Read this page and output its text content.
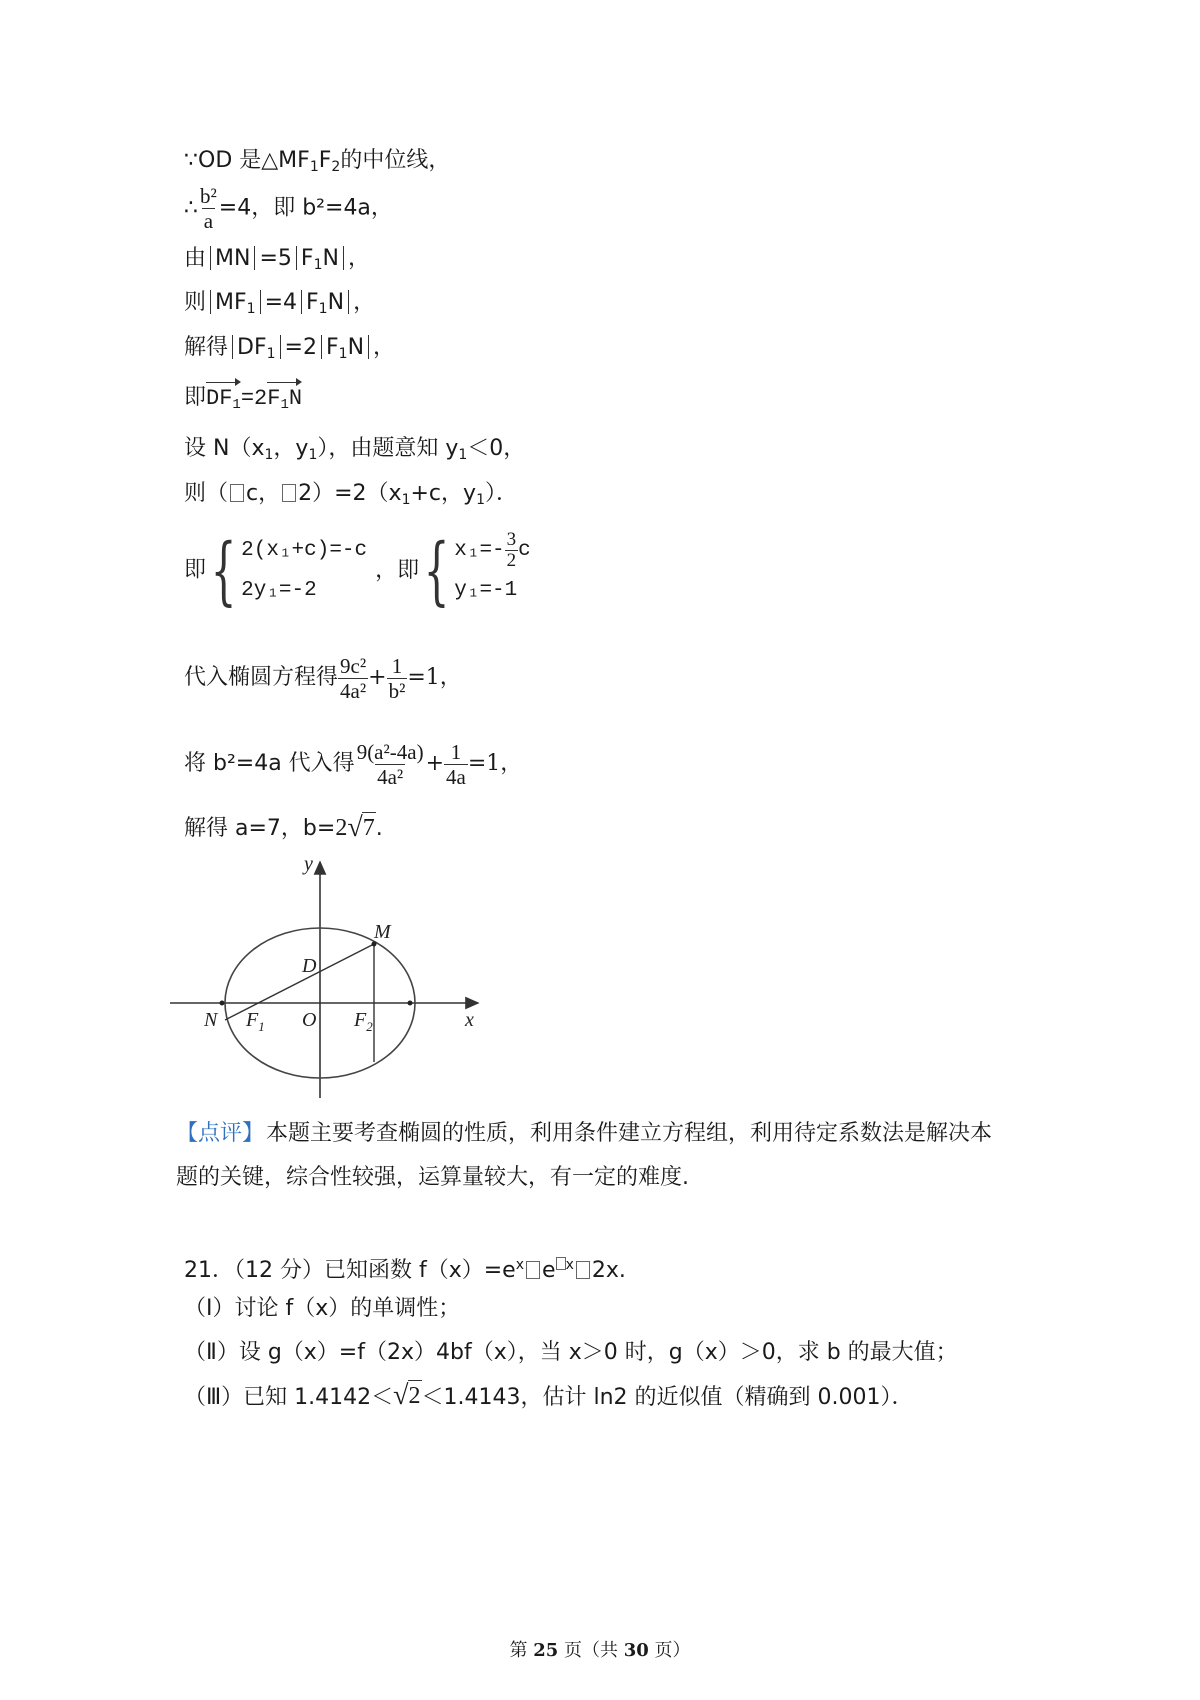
∵OD 是$\triangle MF_1F_2$的中位线，
∴ $\frac{\text{b²}}{a} =4$，即 b²=4a，
由 MN =5 $F_1N$ ，
则 $MF_1 =4$ $F_1N$ ，
解得 $DF_1 =2$ $F_1N$ ，
即$DF_1=2F_1N$
设 $N(x_1$，$y_1$），由题意知 $y_1<0$，
则（ c， $2)=2(x_1+c$，$y_1$）．
即 { 2(x₁+c)=-c
2y₁=-2
，即 { $x_1=- \frac{3}{2}$ c
y₁=-1
代入椭圆方程得 $\frac{\text{9c²}}{\text{4a²}} + \frac{1}{\text{b²}} =1$，
将 b²=4a 代入得 $\frac{\text{9(a²-4a)}}{\text{4a²}} + \frac{1}{4a} =1$，
解得 a=7，b= 2 √ 7 .
y
x
M
D
N $F_1$ O $F_2$
【点评】本题主要考查椭圆的性质，利用条件建立方程组，利用待定系数法是解决本题的关键，综合性较强，运算量较大，有一定的难度.
21．（12 分）已知函数 $f(x)=e^x$ e $^x$ 2x.
（Ⅰ）讨论 f（x）的单调性；
（Ⅱ）设 g（x）=f（2x）4bf（x），当 x＞0 时，g（x）＞0，求 b 的最大值；
（Ⅲ）已知 1.4142＜ √ 2 ＜1.4143，估计 ln2 的近似值（精确到 0.001）．
第 25 页（共 30 页）
